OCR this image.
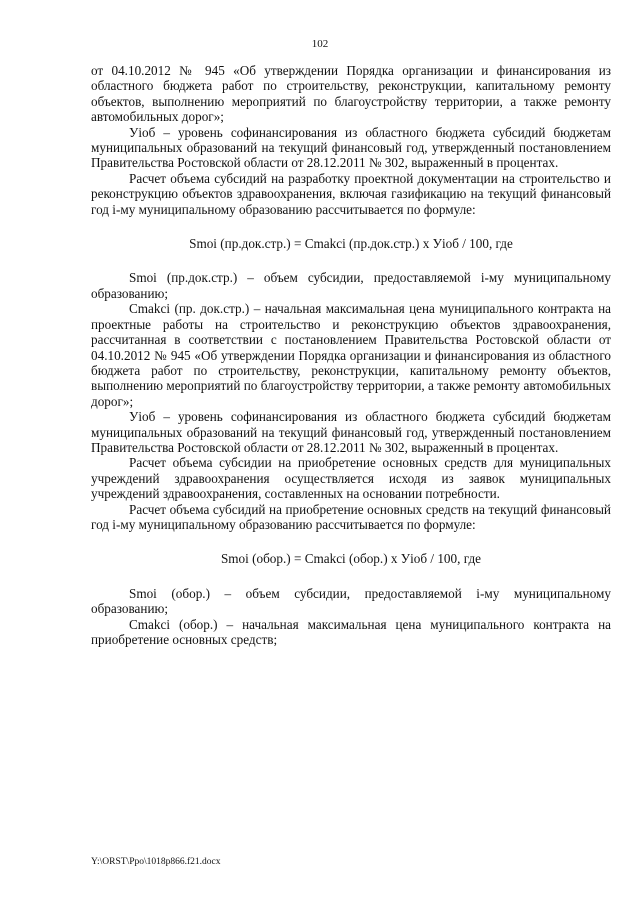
102

от 04.10.2012 № 945 «Об утверждении Порядка организации и финансирования из областного бюджета работ по строительству, реконструкции, капитальному ремонту объектов, выполнению мероприятий по благоустройству территории, а также ремонту автомобильных дорог»;

Уiоб – уровень софинансирования из областного бюджета субсидий бюджетам муниципальных образований на текущий финансовый год, утвержденный постановлением Правительства Ростовской области от 28.12.2011 № 302, выраженный в процентах.

Расчет объема субсидий на разработку проектной документации на строительство и реконструкцию объектов здравоохранения, включая газификацию на текущий финансовый год i-му муниципальному образованию рассчитывается по формуле:

Smoi (пр.док.стр.) = Cmakci (пр.док.стр.) х Уiоб / 100, где

Smoi (пр.док.стр.) – объем субсидии, предоставляемой i-му муниципальному образованию;

Cmakci (пр. док.стр.) – начальная максимальная цена муниципального контракта на проектные работы на строительство и реконструкцию объектов здравоохранения, рассчитанная в соответствии с постановлением Правительства Ростовской области от 04.10.2012 № 945 «Об утверждении Порядка организации и финансирования из областного бюджета работ по строительству, реконструкции, капитальному ремонту объектов, выполнению мероприятий по благоустройству территории, а также ремонту автомобильных дорог»;

Уiоб – уровень софинансирования из областного бюджета субсидий бюджетам муниципальных образований на текущий финансовый год, утвержденный постановлением Правительства Ростовской области от 28.12.2011 № 302, выраженный в процентах.

Расчет объема субсидии на приобретение основных средств для муниципальных учреждений здравоохранения осуществляется исходя из заявок муниципальных учреждений здравоохранения, составленных на основании потребности.

Расчет объема субсидий на приобретение основных средств на текущий финансовый год i-му муниципальному образованию рассчитывается по формуле:

Smoi (обор.) = Cmakci (обор.) х Уiоб / 100, где

Smoi (обор.) – объем субсидии, предоставляемой i-му муниципальному образованию;

Cmakci (обор.) – начальная максимальная цена муниципального контракта на приобретение основных средств;

Y:\ORST\Ppo\1018p866.f21.docx
